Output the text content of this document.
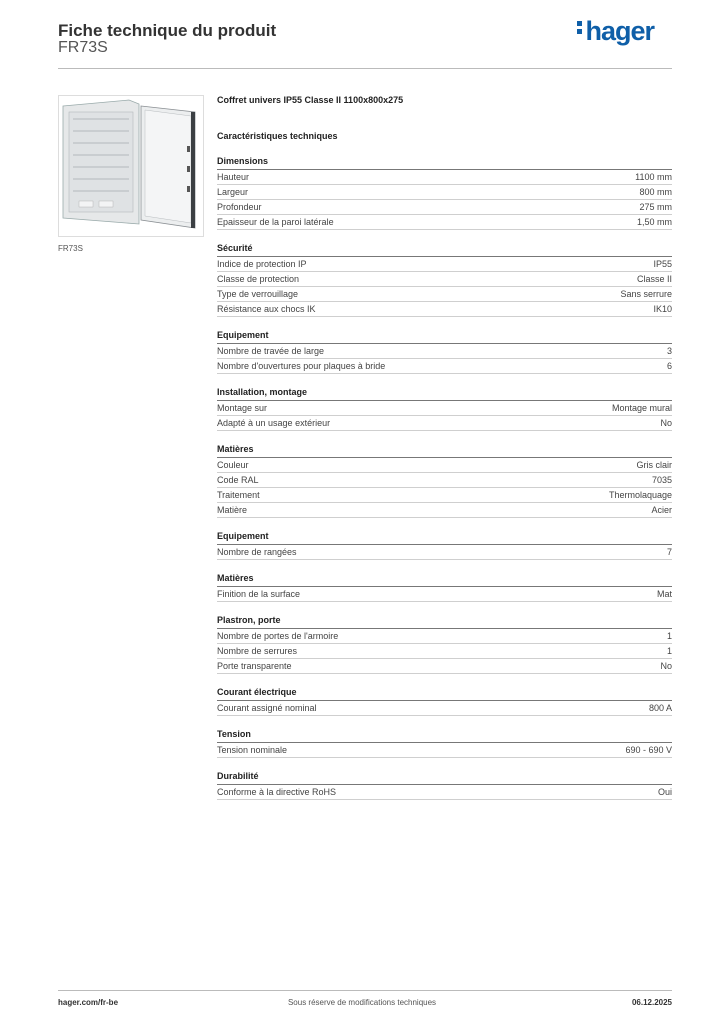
Fiche technique du produit
FR73S
hager
FR73S
Coffret univers IP55 Classe II 1100x800x275
Caractéristiques techniques
Dimensions
Hauteur	1100 mm
Largeur	800 mm
Profondeur	275 mm
Epaisseur de la paroi latérale	1,50 mm
Sécurité
Indice de protection IP	IP55
Classe de protection	Classe II
Type de verrouillage	Sans serrure
Résistance aux chocs IK	IK10
Equipement
Nombre de travée de large	3
Nombre d'ouvertures pour plaques à bride	6
Installation, montage
Montage sur	Montage mural
Adapté à un usage extérieur	No
Matières
Couleur	Gris clair
Code RAL	7035
Traitement	Thermolaquage
Matière	Acier
Equipement
Nombre de rangées	7
Matières
Finition de la surface	Mat
Plastron, porte
Nombre de portes de l'armoire	1
Nombre de serrures	1
Porte transparente	No
Courant électrique
Courant assigné nominal	800 A
Tension
Tension nominale	690 - 690 V
Durabilité
Conforme à la directive RoHS	Oui
hager.com/fr-be	Sous réserve de modifications techniques	06.12.2025
